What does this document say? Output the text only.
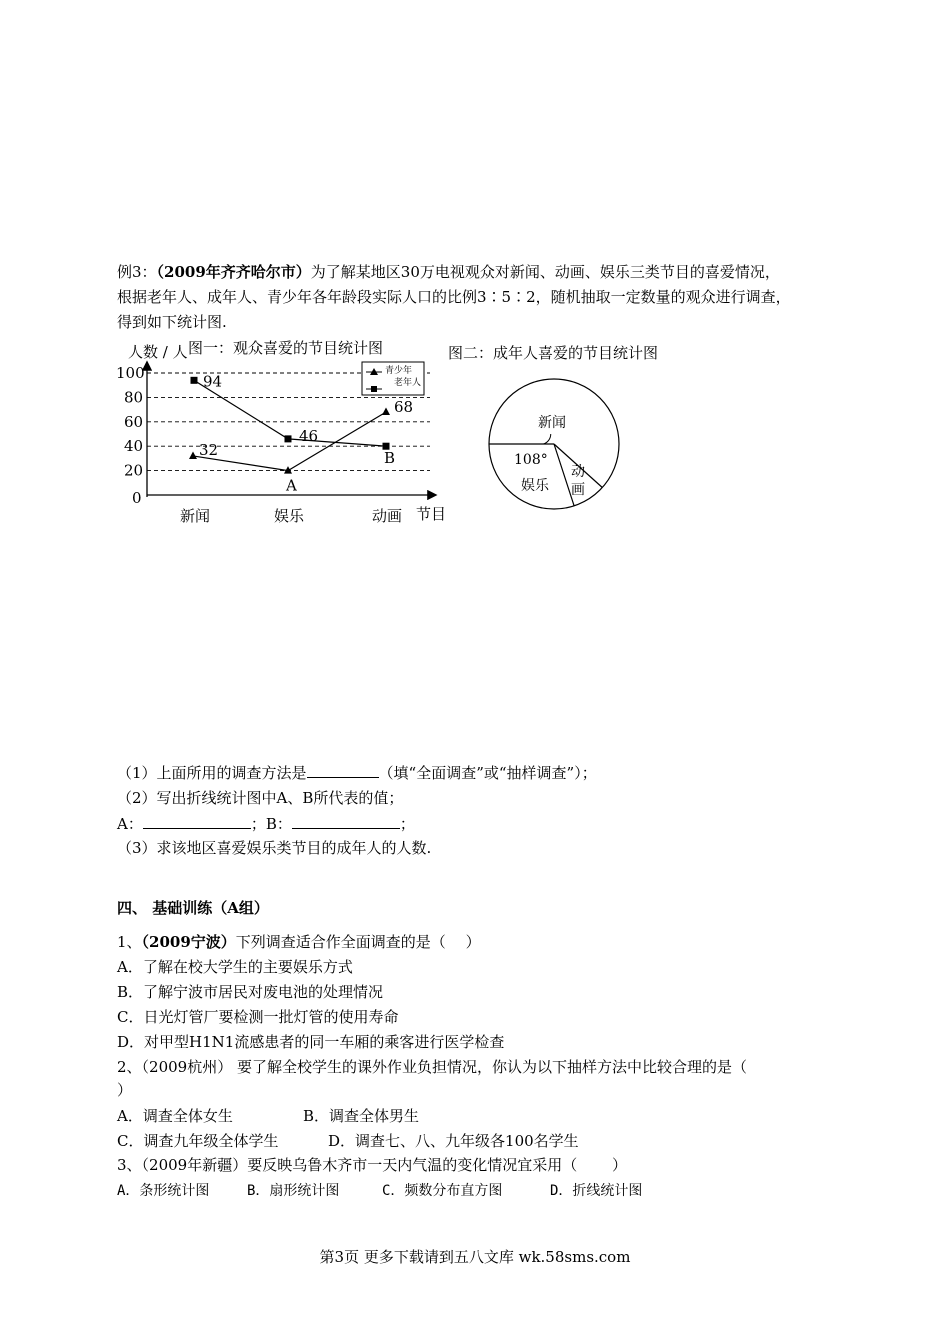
例3：（2009年齐齐哈尔市）为了解某地区30万电视观众对新闻、动画、娱乐三类节目的喜爱情况，
根据老年人、成年人、青少年各年龄段实际人口的比例3∶5∶2，随机抽取一定数量的观众进行调查，
得到如下统计图.
人数 / 人 图一：观众喜爱的节目统计图
0
20
40
60
80
100
新闻	娱乐	动画 节目
32
A
68
94
46
B
青少年
老年人
图二：成年人喜爱的节目统计图
新闻
108°
娱乐
动
画
（1）上面所用的调查方法是	（填“全面调查”或“抽样调查”）；
（2）写出折线统计图中A、B所代表的值；
A：	；B：	；
（3）求该地区喜爱娱乐类节目的成年人的人数.
四、 基础训练（A组）
1、（2009宁波）下列调查适合作全面调查的是（　 ）
A．了解在校大学生的主要娱乐方式
B．了解宁波市居民对废电池的处理情况
C．日光灯管厂要检测一批灯管的使用寿命
D．对甲型H1N1流感患者的同一车厢的乘客进行医学检查
2、（2009杭州） 要了解全校学生的课外作业负担情况，你认为以下抽样方法中比较合理的是（
）
A．调查全体女生	B．调查全体男生
C．调查九年级全体学生	D．调查七、八、九年级各100名学生
3、（2009年新疆）要反映乌鲁木齐市一天内气温的变化情况宜采用（　　 ）
A．条形统计图	B．扇形统计图	C．频数分布直方图	D．折线统计图
第3页 更多下载请到五八文库 wk.58sms.com
